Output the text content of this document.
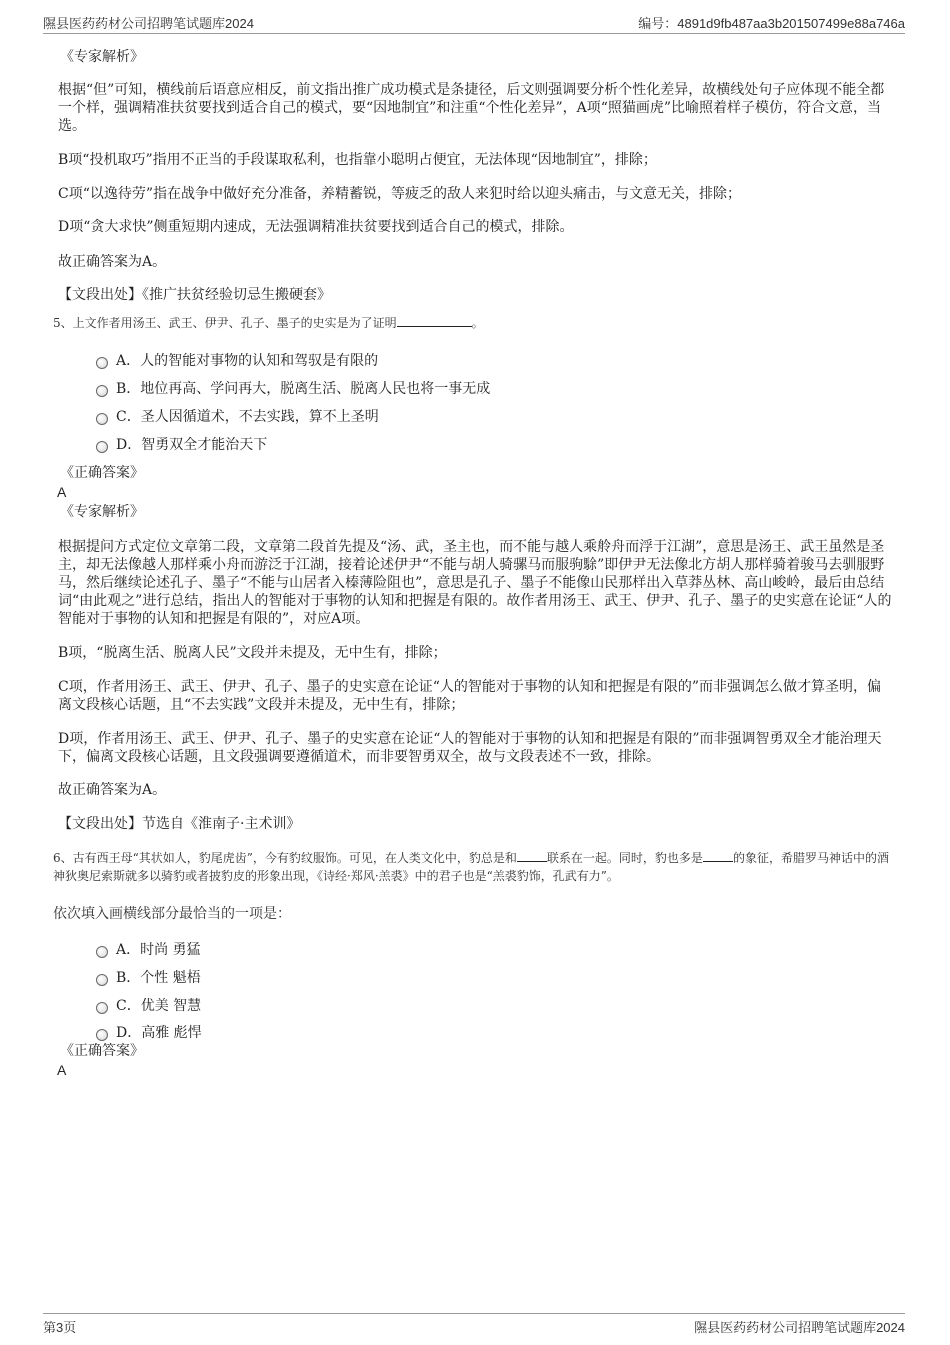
隰县医药药材公司招聘笔试题库2024	编号：4891d9fb487aa3b201507499e88a746a
《专家解析》
根据“但”可知，横线前后语意应相反，前文指出推广成功模式是条捷径，后文则强调要分析个性化差异，故横线处句子应体现不能全都一个样，强调精准扶贫要找到适合自己的模式，要“因地制宜”和注重“个性化差异”，A项“照猫画虎”比喻照着样子模仿，符合文意，当选。
B项“投机取巧”指用不正当的手段谋取私利，也指靠小聪明占便宜，无法体现“因地制宜”，排除；
C项“以逸待劳”指在战争中做好充分准备，养精蓄锐，等疲乏的敌人来犯时给以迎头痛击，与文意无关，排除；
D项“贪大求快”侧重短期内速成，无法强调精准扶贫要找到适合自己的模式，排除。
故正确答案为A。
【文段出处】《推广扶贫经验切忌生搬硬套》
5、上文作者用汤王、武王、伊尹、孔子、墨子的史实是为了证明	。
A．人的智能对事物的认知和驾驭是有限的
B．地位再高、学问再大，脱离生活、脱离人民也将一事无成
C．圣人因循道术，不去实践，算不上圣明
D．智勇双全才能治天下
《正确答案》
A
《专家解析》
根据提问方式定位文章第二段，文章第二段首先提及“汤、武，圣主也，而不能与越人乘舲舟而浮于江湖”，意思是汤王、武王虽然是圣主，却无法像越人那样乘小舟而游泛于江湖，接着论述伊尹“不能与胡人骑骡马而服驹駼”即伊尹无法像北方胡人那样骑着骏马去驯服野马，然后继续论述孔子、墨子“不能与山居者入榛薄险阻也”，意思是孔子、墨子不能像山民那样出入草莽丛林、高山峻岭，最后由总结词“由此观之”进行总结，指出人的智能对于事物的认知和把握是有限的。故作者用汤王、武王、伊尹、孔子、墨子的史实意在论证“人的智能对于事物的认知和把握是有限的”，对应A项。
B项，“脱离生活、脱离人民”文段并未提及，无中生有，排除；
C项，作者用汤王、武王、伊尹、孔子、墨子的史实意在论证“人的智能对于事物的认知和把握是有限的”而非强调怎么做才算圣明，偏离文段核心话题，且“不去实践”文段并未提及，无中生有，排除；
D项，作者用汤王、武王、伊尹、孔子、墨子的史实意在论证“人的智能对于事物的认知和把握是有限的”而非强调智勇双全才能治理天下，偏离文段核心话题，且文段强调要遵循道术，而非要智勇双全，故与文段表述不一致，排除。
故正确答案为A。
【文段出处】节选自《淮南子·主术训》
6、古有西王母“其状如人，豹尾虎齿”，今有豹纹服饰。可见，在人类文化中，豹总是和	联系在一起。同时，豹也多是	的象征，希腊罗马神话中的酒神狄奥尼索斯就多以骑豹或者披豹皮的形象出现，《诗经·郑风·羔裘》中的君子也是“羔裘豹饰，孔武有力”。
依次填入画横线部分最恰当的一项是：
A．时尚 勇猛
B．个性 魁梧
C．优美 智慧
D．高雅 彪悍
《正确答案》
A
第3页	隰县医药药材公司招聘笔试题库2024
